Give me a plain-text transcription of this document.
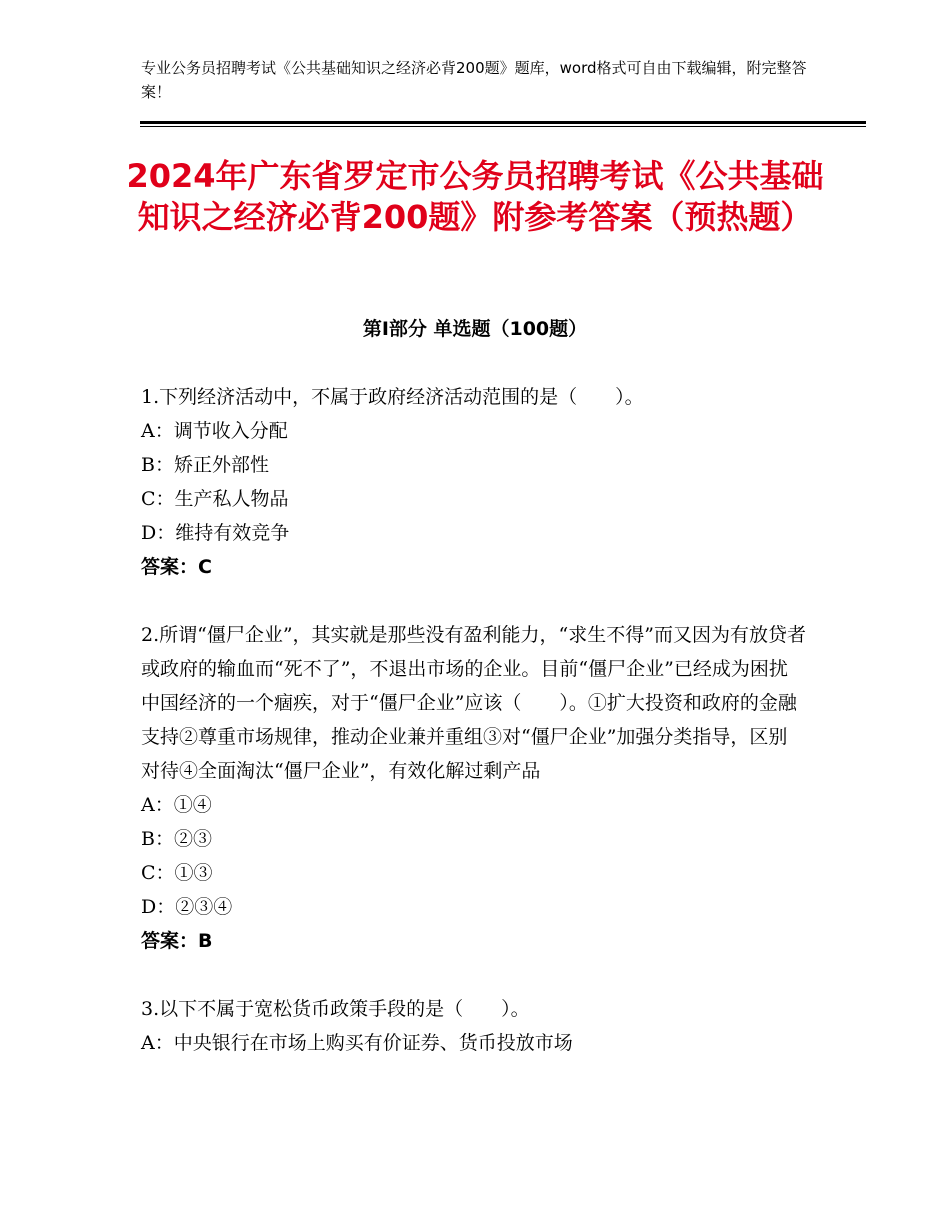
专业公务员招聘考试《公共基础知识之经济必背200题》题库，word格式可自由下载编辑，附完整答案！
2024年广东省罗定市公务员招聘考试《公共基础知识之经济必背200题》附参考答案（预热题）
第Ⅰ部分 单选题（100题）
1.下列经济活动中，不属于政府经济活动范围的是（　　）。
A：调节收入分配
B：矫正外部性
C：生产私人物品
D：维持有效竞争
答案：C
2.所谓“僵尸企业”，其实就是那些没有盈利能力，“求生不得”而又因为有放贷者或政府的输血而“死不了”，不退出市场的企业。目前“僵尸企业”已经成为困扰中国经济的一个痼疾，对于“僵尸企业”应该（　　）。①扩大投资和政府的金融支持②尊重市场规律，推动企业兼并重组③对“僵尸企业”加强分类指导，区别对待④全面淘汰“僵尸企业”，有效化解过剩产品
A：①④
B：②③
C：①③
D：②③④
答案：B
3.以下不属于宽松货币政策手段的是（　　）。
A：中央银行在市场上购买有价证券、货币投放市场
